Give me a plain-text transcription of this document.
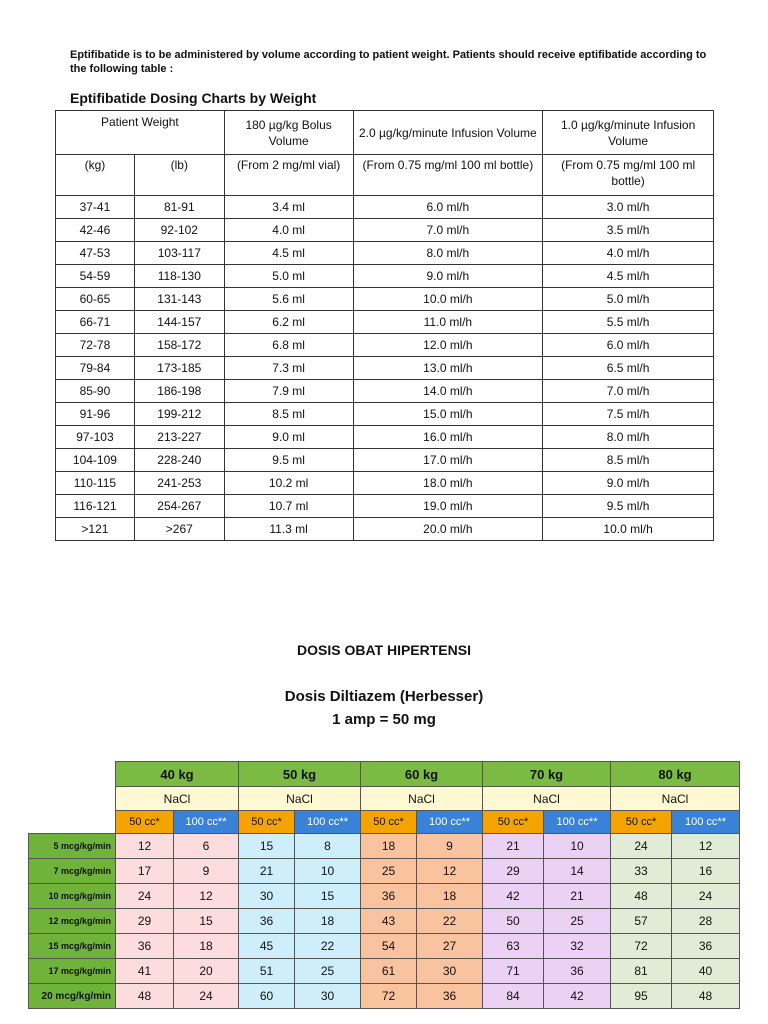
Eptifibatide is to be administered by volume according to patient weight. Patients should receive eptifibatide according to the following table :
Eptifibatide Dosing Charts by Weight
Patient Weight		180 µg/kg Bolus Volume	2.0 µg/kg/minute Infusion Volume	1.0 µg/kg/minute Infusion Volume
(kg)	(lb)	(From 2 mg/ml vial)	(From 0.75 mg/ml 100 ml bottle)	(From 0.75 mg/ml 100 ml bottle)
37-41	81-91	3.4 ml	6.0 ml/h	3.0 ml/h
42-46	92-102	4.0 ml	7.0 ml/h	3.5 ml/h
47-53	103-117	4.5 ml	8.0 ml/h	4.0 ml/h
54-59	118-130	5.0 ml	9.0 ml/h	4.5 ml/h
60-65	131-143	5.6 ml	10.0 ml/h	5.0 ml/h
66-71	144-157	6.2 ml	11.0 ml/h	5.5 ml/h
72-78	158-172	6.8 ml	12.0 ml/h	6.0 ml/h
79-84	173-185	7.3 ml	13.0 ml/h	6.5 ml/h
85-90	186-198	7.9 ml	14.0 ml/h	7.0 ml/h
91-96	199-212	8.5 ml	15.0 ml/h	7.5 ml/h
97-103	213-227	9.0 ml	16.0 ml/h	8.0 ml/h
104-109	228-240	9.5 ml	17.0 ml/h	8.5 ml/h
110-115	241-253	10.2 ml	18.0 ml/h	9.0 ml/h
116-121	254-267	10.7 ml	19.0 ml/h	9.5 ml/h
>121	>267	11.3 ml	20.0 ml/h	10.0 ml/h
DOSIS OBAT HIPERTENSI
Dosis Diltiazem (Herbesser)
1 amp = 50 mg
	40 kg		50 kg		60 kg		70 kg		80 kg	
	NaCl		NaCl		NaCl		NaCl		NaCl	
	50 cc*	100 cc**	50 cc*	100 cc**	50 cc*	100 cc**	50 cc*	100 cc**	50 cc*	100 cc**
5 mcg/kg/min	12	6	15	8	18	9	21	10	24	12
7 mcg/kg/min	17	9	21	10	25	12	29	14	33	16
10 mcg/kg/min	24	12	30	15	36	18	42	21	48	24
12 mcg/kg/min	29	15	36	18	43	22	50	25	57	28
15 mcg/kg/min	36	18	45	22	54	27	63	32	72	36
17 mcg/kg/min	41	20	51	25	61	30	71	36	81	40
20 mcg/kg/min	48	24	60	30	72	36	84	42	95	48
